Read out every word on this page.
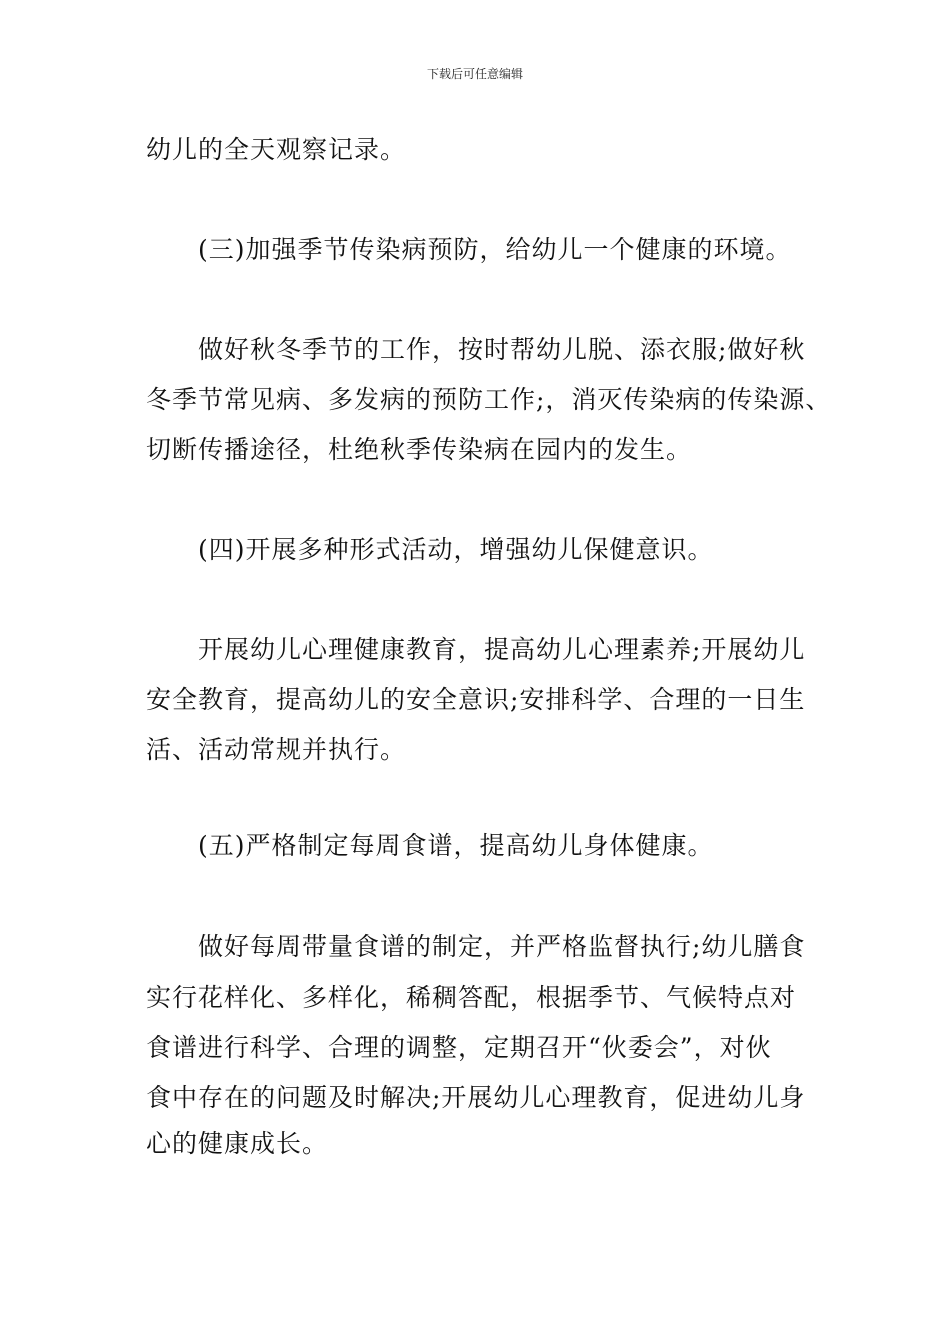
下载后可任意编辑
幼儿的全天观察记录。
(三)加强季节传染病预防，给幼儿一个健康的环境。
做好秋冬季节的工作，按时帮幼儿脱、添衣服;做好秋
冬季节常见病、多发病的预防工作;，消灭传染病的传染源、
切断传播途径，杜绝秋季传染病在园内的发生。
(四)开展多种形式活动，增强幼儿保健意识。
开展幼儿心理健康教育，提高幼儿心理素养;开展幼儿
安全教育，提高幼儿的安全意识;安排科学、合理的一日生
活、活动常规并执行。
(五)严格制定每周食谱，提高幼儿身体健康。
做好每周带量食谱的制定，并严格监督执行;幼儿膳食
实行花样化、多样化，稀稠答配，根据季节、气候特点对
食谱进行科学、合理的调整，定期召开“伙委会”，对伙
食中存在的问题及时解决;开展幼儿心理教育，促进幼儿身
心的健康成长。
